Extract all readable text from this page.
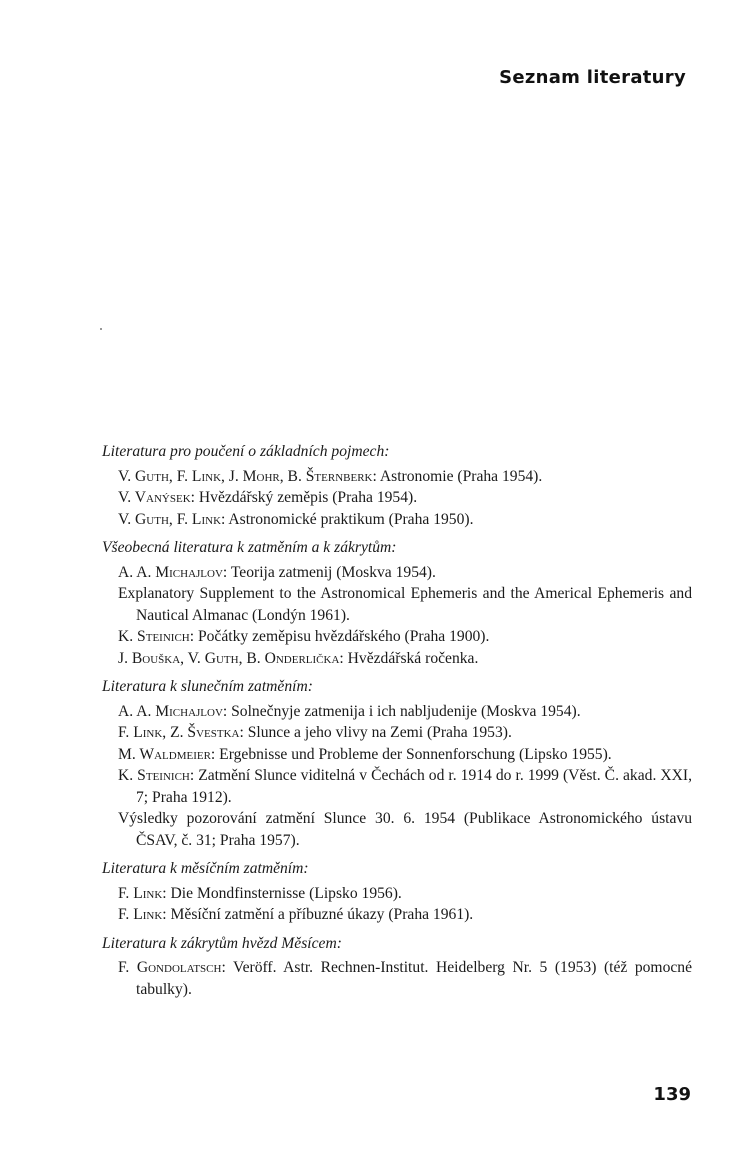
Seznam literatury
Literatura pro poučení o základních pojmech:
V. Guth, F. Link, J. Mohr, B. Šternberk: Astronomie (Praha 1954).
V. Vanýsek: Hvězdářský zeměpis (Praha 1954).
V. Guth, F. Link: Astronomické praktikum (Praha 1950).
Všeobecná literatura k zatměním a k zákrytům:
A. A. Michajlov: Teorija zatmenij (Moskva 1954).
Explanatory Supplement to the Astronomical Ephemeris and the Americal Ephemeris and Nautical Almanac (Londýn 1961).
K. Steinich: Počátky zeměpisu hvězdářského (Praha 1900).
J. Bouška, V. Guth, B. Onderlička: Hvězdářská ročenka.
Literatura k slunečním zatměním:
A. A. Michajlov: Solnečnyje zatmenija i ich nabljudenije (Moskva 1954).
F. Link, Z. Švestka: Slunce a jeho vlivy na Zemi (Praha 1953).
M. Waldmeier: Ergebnisse und Probleme der Sonnenforschung (Lipsko 1955).
K. Steinich: Zatmění Slunce viditelná v Čechách od r. 1914 do r. 1999 (Věst. Č. akad. XXI, 7; Praha 1912).
Výsledky pozorování zatmění Slunce 30. 6. 1954 (Publikace Astronomického ústavu ČSAV, č. 31; Praha 1957).
Literatura k měsíčním zatměním:
F. Link: Die Mondfinsternisse (Lipsko 1956).
F. Link: Měsíční zatmění a příbuzné úkazy (Praha 1961).
Literatura k zákrytům hvězd Měsícem:
F. Gondolatsch: Veröff. Astr. Rechnen-Institut. Heidelberg Nr. 5 (1953) (též pomocné tabulky).
139
